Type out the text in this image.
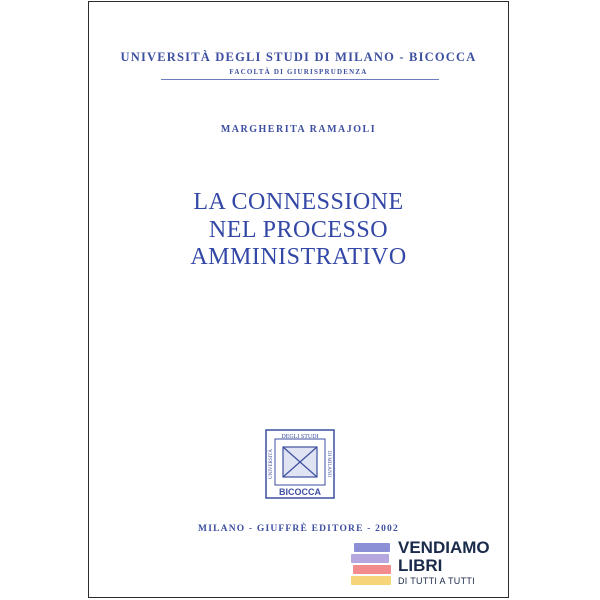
UNIVERSITÀ DEGLI STUDI DI MILANO - BICOCCA
FACOLTÀ DI GIURISPRUDENZA
MARGHERITA RAMAJOLI
LA CONNESSIONE
NEL PROCESSO
AMMINISTRATIVO
DEGLI STUDI
UNIVERSITÀ	DI MILANO
BICOCCA
MILANO - GIUFFRÈ EDITORE - 2002
VENDIAMO
LIBRI
DI TUTTI A TUTTI
